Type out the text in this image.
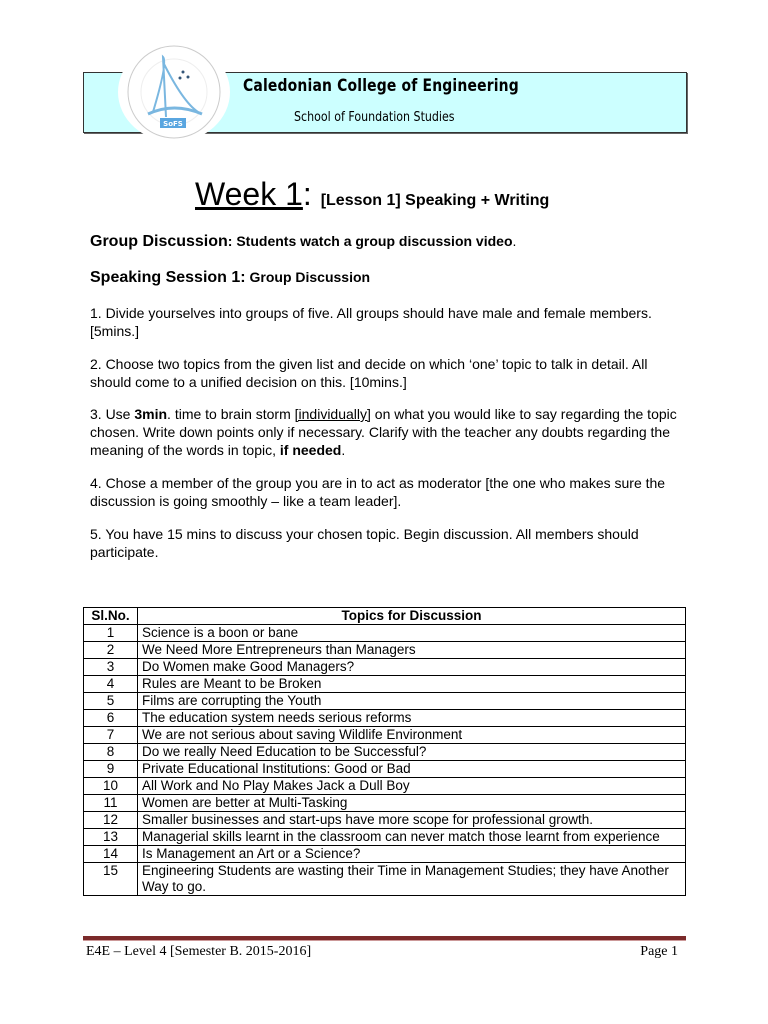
SoFS
Caledonian College of Engineering
School of Foundation Studies
Week 1: [Lesson 1] Speaking + Writing
Group Discussion: Students watch a group discussion video.
Speaking Session 1: Group Discussion
1. Divide yourselves into groups of five. All groups should have male and female members. [5mins.]
2. Choose two topics from the given list and decide on which ‘one’ topic to talk in detail. All should come to a unified decision on this. [10mins.]
3. Use 3min. time to brain storm [individually] on what you would like to say regarding the topic chosen. Write down points only if necessary. Clarify with the teacher any doubts regarding the meaning of the words in topic, if needed.
4. Chose a member of the group you are in to act as moderator [the one who makes sure the discussion is going smoothly – like a team leader].
5. You have 15 mins to discuss your chosen topic. Begin discussion. All members should participate.
Sl.No.	Topics for Discussion
1	Science is a boon or bane
2	We Need More Entrepreneurs than Managers
3	Do Women make Good Managers?
4	Rules are Meant to be Broken
5	Films are corrupting the Youth
6	The education system needs serious reforms
7	We are not serious about saving Wildlife Environment
8	Do we really Need Education to be Successful?
9	Private Educational Institutions: Good or Bad
10	All Work and No Play Makes Jack a Dull Boy
11	Women are better at Multi-Tasking
12	Smaller businesses and start-ups have more scope for professional growth.
13	Managerial skills learnt in the classroom can never match those learnt from experience
14	Is Management an Art or a Science?
15	Engineering Students are wasting their Time in Management Studies; they have Another Way to go.
E4E – Level 4 [Semester B. 2015-2016]	Page 1
